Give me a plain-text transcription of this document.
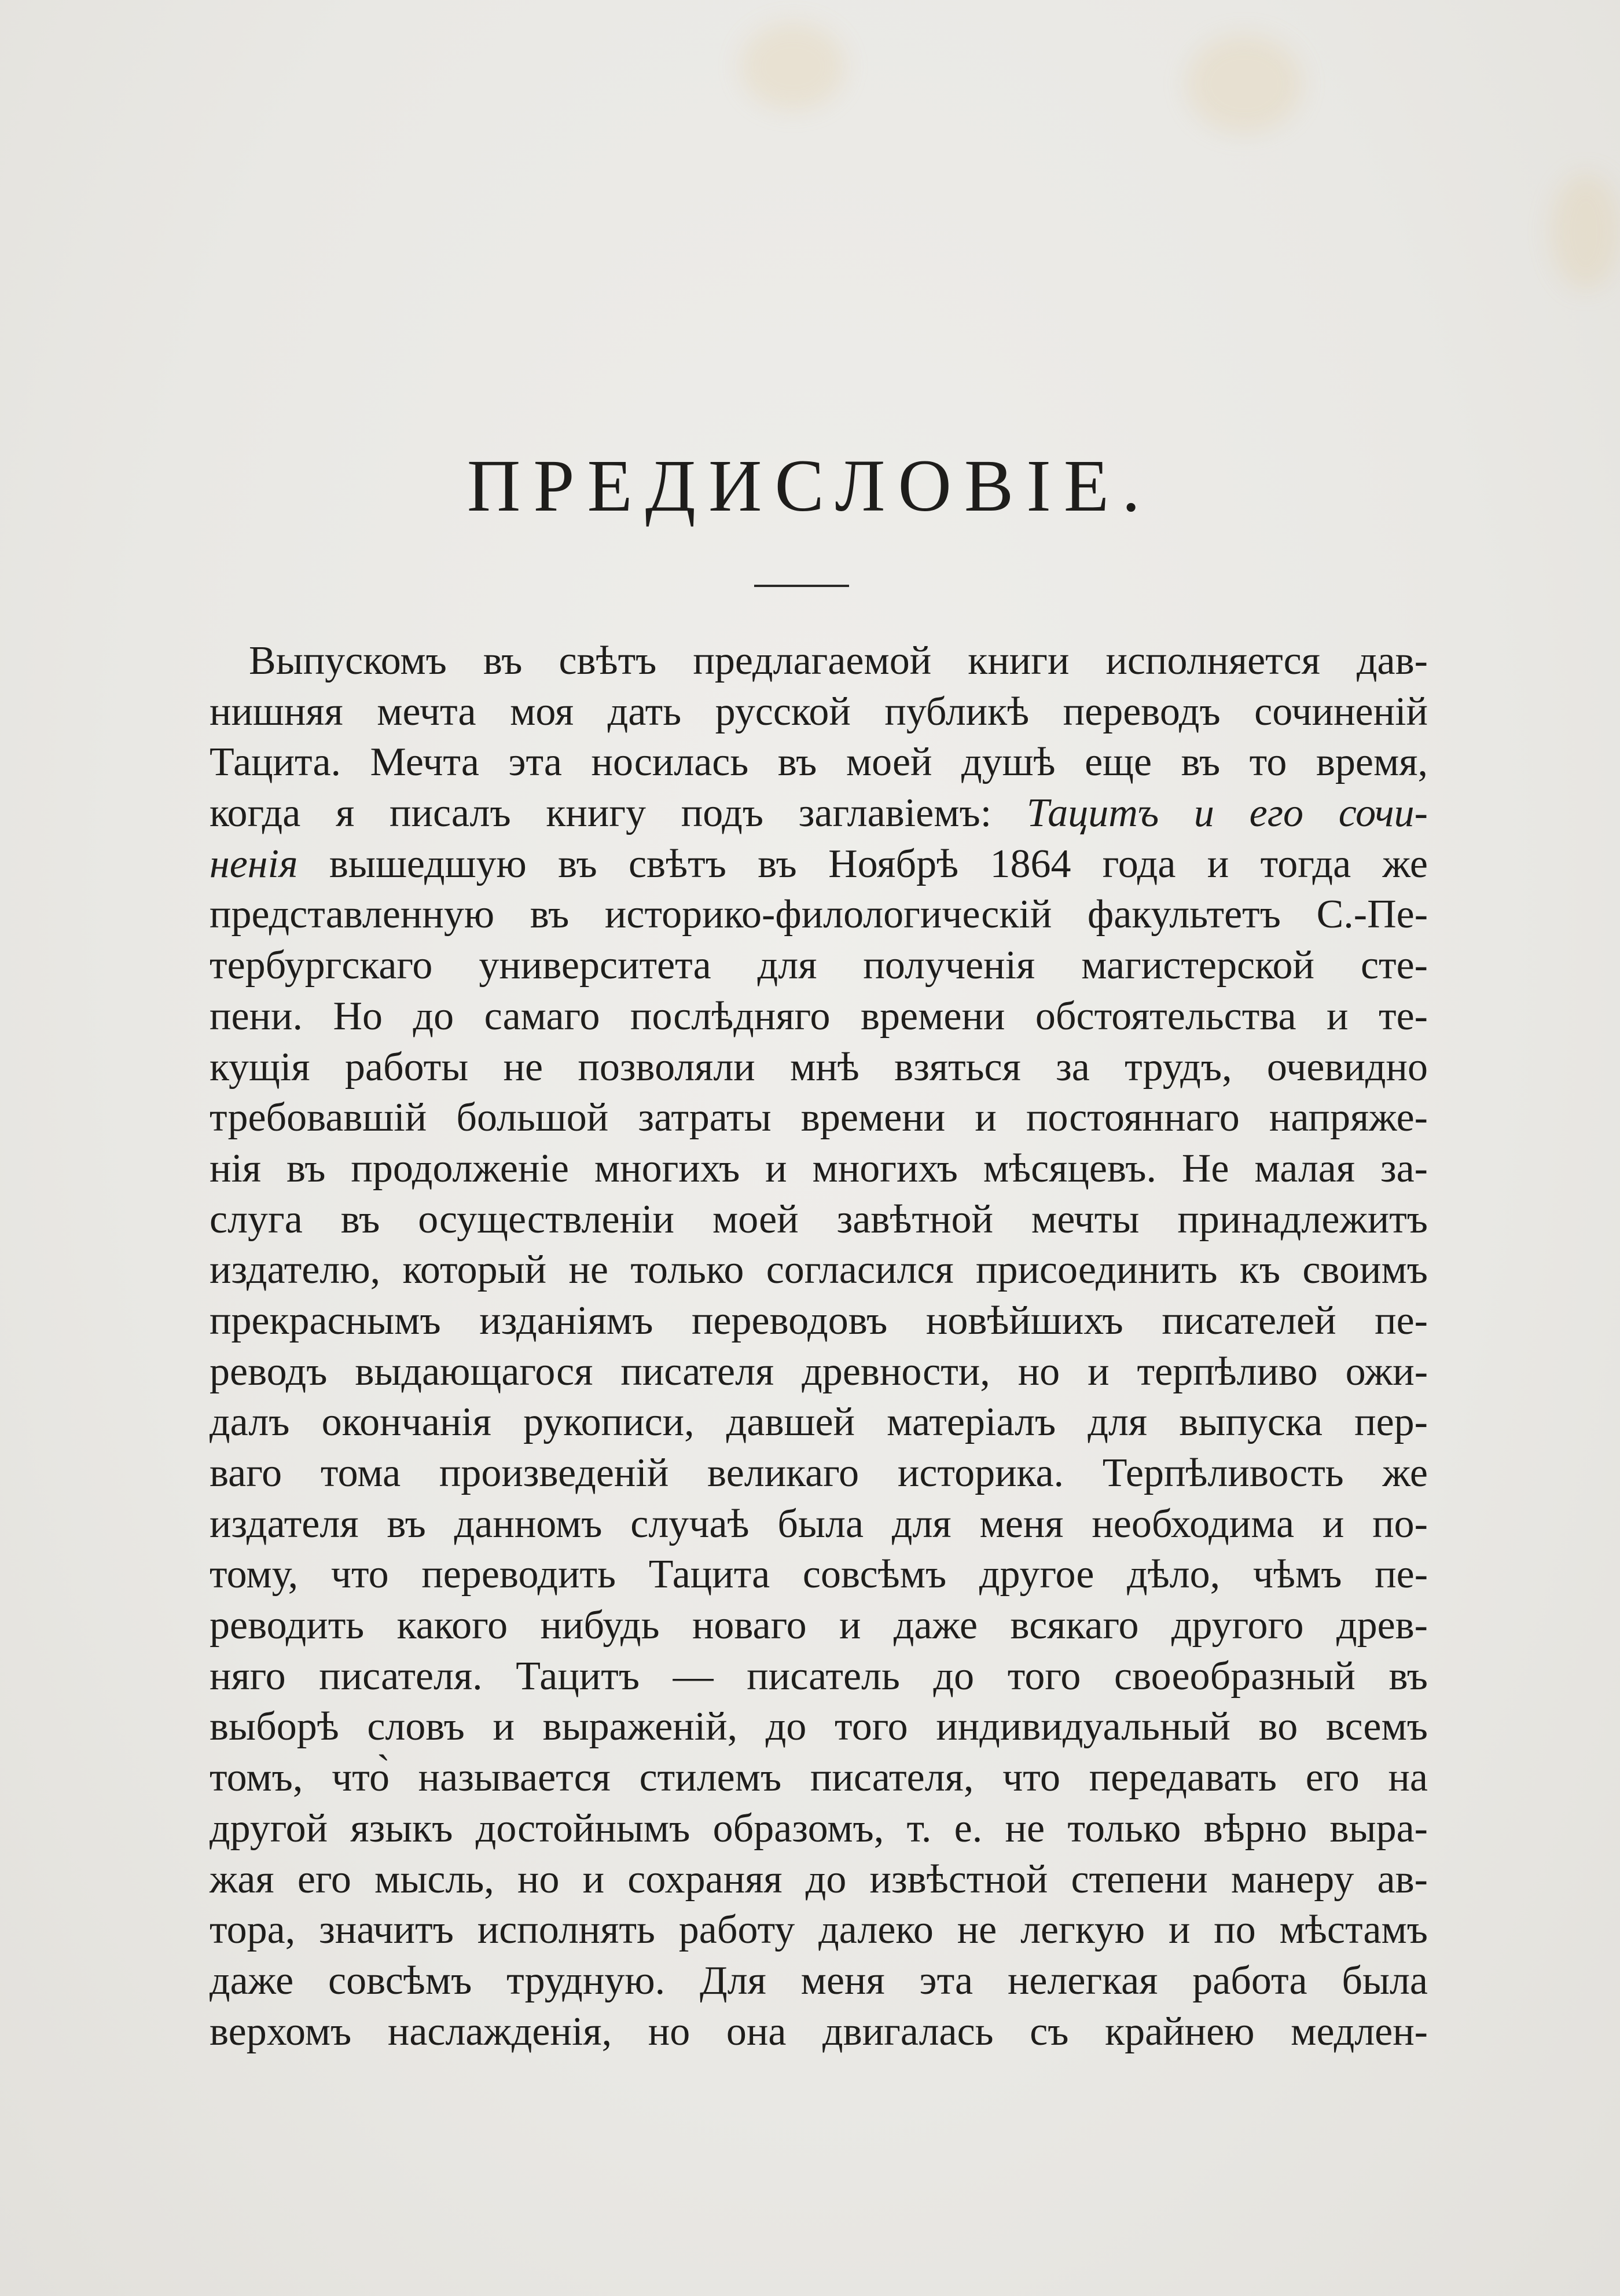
ПРЕДИСЛОВІЕ.
Выпускомъ въ свѣтъ предлагаемой книги исполняется дав-
нишняя мечта моя дать русской публикѣ переводъ сочиненій
Тацита. Мечта эта носилась въ моей душѣ еще въ то время,
когда я писалъ книгу подъ заглавіемъ: Тацитъ и его сочи-
ненія вышедшую въ свѣтъ въ Ноябрѣ 1864 года и тогда же
представленную въ историко-филологическій факультетъ С.-Пе-
тербургскаго университета для полученія магистерской сте-
пени. Но до самаго послѣдняго времени обстоятельства и те-
кущія работы не позволяли мнѣ взяться за трудъ, очевидно
требовавшій большой затраты времени и постояннаго напряже-
нія въ продолженіе многихъ и многихъ мѣсяцевъ. Не малая за-
слуга въ осуществленіи моей завѣтной мечты принадлежитъ
издателю, который не только согласился присоединить къ своимъ
прекраснымъ изданіямъ переводовъ новѣйшихъ писателей пе-
реводъ выдающагося писателя древности, но и терпѣливо ожи-
далъ окончанія рукописи, давшей матеріалъ для выпуска пер-
ваго тома произведеній великаго историка. Терпѣливость же
издателя въ данномъ случаѣ была для меня необходима и по-
тому, что переводить Тацита совсѣмъ другое дѣло, чѣмъ пе-
реводить какого нибудь новаго и даже всякаго другого древ-
няго писателя. Тацитъ — писатель до того своеобразный въ
выборѣ словъ и выраженій, до того индивидуальный во всемъ
томъ, что̀ называется стилемъ писателя, что передавать его на
другой языкъ достойнымъ образомъ, т. е. не только вѣрно выра-
жая его мысль, но и сохраняя до извѣстной степени манеру ав-
тора, значитъ исполнять работу далеко не легкую и по мѣстамъ
даже совсѣмъ трудную. Для меня эта нелегкая работа была
верхомъ наслажденія, но она двигалась съ крайнею медлен-
